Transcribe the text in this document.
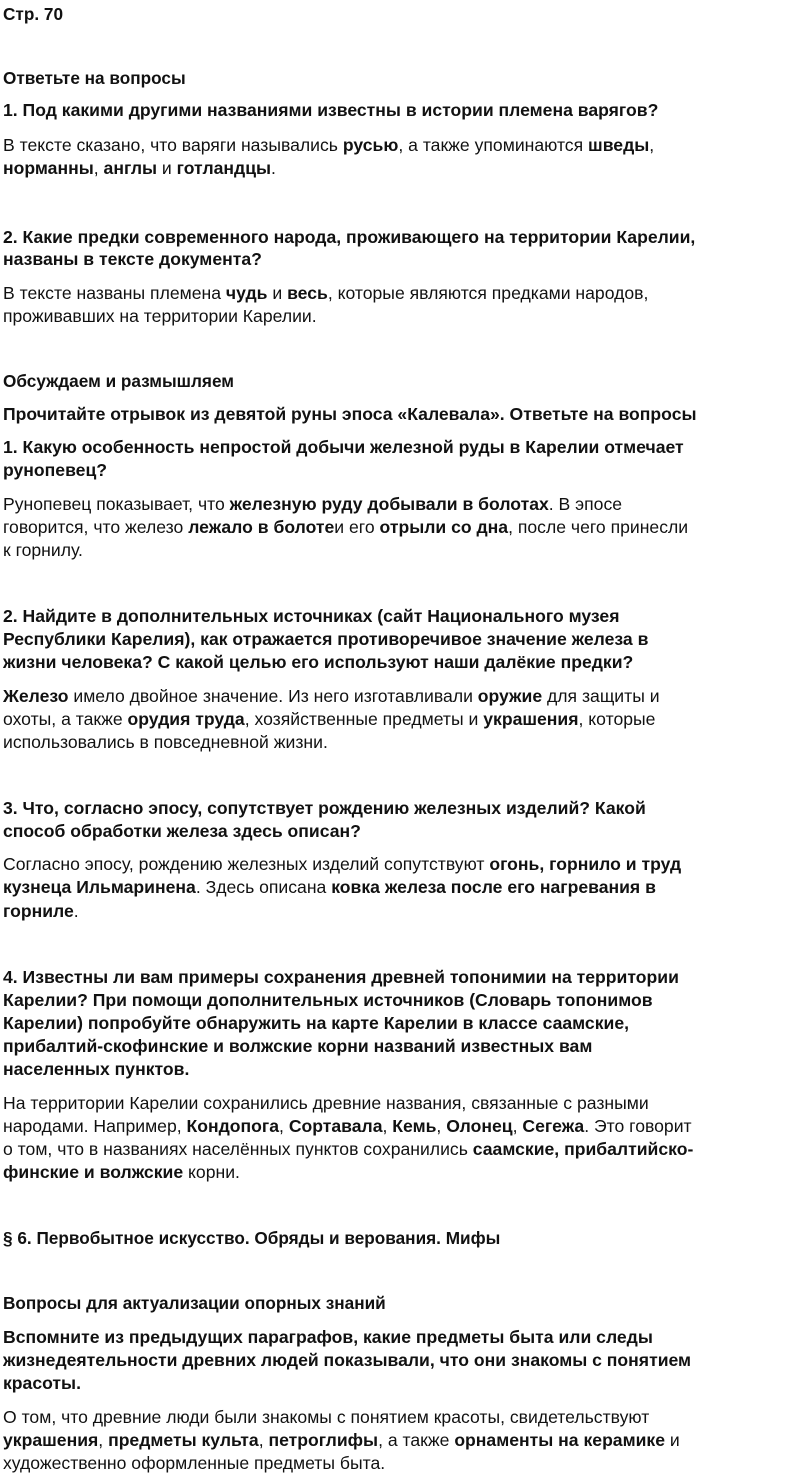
Стр. 70
Ответьте на вопросы
1. Под какими другими названиями известны в истории племена варягов?
В тексте сказано, что варяги назывались русью, а также упоминаются шведы,
норманны, англы и готландцы.
2. Какие предки современного народа, проживающего на территории Карелии,
названы в тексте документа?
В тексте названы племена чудь и весь, которые являются предками народов,
проживавших на территории Карелии.
Обсуждаем и размышляем
Прочитайте отрывок из девятой руны эпоса «Калевала». Ответьте на вопросы
1. Какую особенность непростой добычи железной руды в Карелии отмечает
рунопевец?
Рунопевец показывает, что железную руду добывали в болотах. В эпосе
говорится, что железо лежало в болотеи его отрыли со дна, после чего принесли
к горнилу.
2. Найдите в дополнительных источниках (сайт Национального музея
Республики Карелия), как отражается противоречивое значение железа в
жизни человека? С какой целью его используют наши далёкие предки?
Железо имело двойное значение. Из него изготавливали оружие для защиты и
охоты, а также орудия труда, хозяйственные предметы и украшения, которые
использовались в повседневной жизни.
3. Что, согласно эпосу, сопутствует рождению железных изделий? Какой
способ обработки железа здесь описан?
Согласно эпосу, рождению железных изделий сопутствуют огонь, горнило и труд
кузнеца Ильмаринена. Здесь описана ковка железа после его нагревания в
горниле.
4. Известны ли вам примеры сохранения древней топонимии на территории
Карелии? При помощи дополнительных источников (Словарь топонимов
Карелии) попробуйте обнаружить на карте Карелии в классе саамские,
прибалтий-скофинские и волжские корни названий известных вам
населенных пунктов.
На территории Карелии сохранились древние названия, связанные с разными
народами. Например, Кондопога, Сортавала, Кемь, Олонец, Сегежа. Это говорит
о том, что в названиях населённых пунктов сохранились саамские, прибалтийско-
финские и волжские корни.
§ 6. Первобытное искусство. Обряды и верования. Мифы
Вопросы для актуализации опорных знаний
Вспомните из предыдущих параграфов, какие предметы быта или следы
жизнедеятельности древних людей показывали, что они знакомы с понятием
красоты.
О том, что древние люди были знакомы с понятием красоты, свидетельствуют
украшения, предметы культа, петроглифы, а также орнаменты на керамике и
художественно оформленные предметы быта.
